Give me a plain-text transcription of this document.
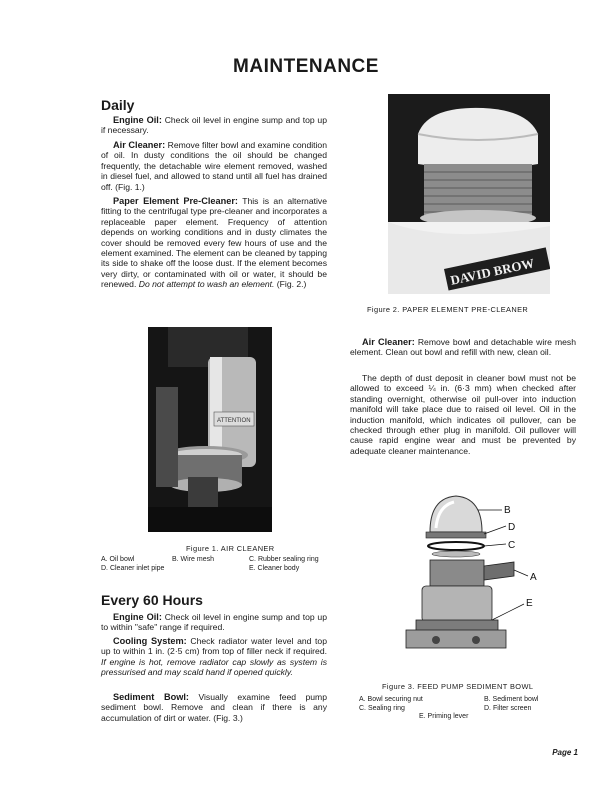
MAINTENANCE
Daily

Engine Oil: Check oil level in engine sump and top up if necessary.

Air Cleaner: Remove filter bowl and examine condition of oil. In dusty conditions the oil should be changed frequently, the detachable wire element removed, washed in diesel fuel, and allowed to stand until all fuel has drained off. (Fig. 1.)

Paper Element Pre-Cleaner: This is an alternative fitting to the centrifugal type pre-cleaner and incorporates a replaceable paper element. Frequency of attention depends on working conditions and in dusty climates the cover should be removed every few hours of use and the element examined. The element can be cleaned by tapping its side to shake off the loose dust. If the element becomes very dirty, or contaminated with oil or water, it should be renewed. Do not attempt to wash an element. (Fig. 2.)

ATTENTION

Figure 1. AIR CLEANER

A. Oil bowl	B. Wire mesh	C. Rubber sealing ring
D. Cleaner inlet pipe	E. Cleaner body
Every 60 Hours

Engine Oil: Check oil level in engine sump and top up to within "safe" range if required.

Cooling System: Check radiator water level and top up to within 1 in. (2·5 cm) from top of filler neck if required. If engine is hot, remove radiator cap slowly as system is pressurised and may scald hand if opened quickly.

Sediment Bowl: Visually examine feed pump sediment bowl. Remove and clean if there is any accumulation of dirt or water. (Fig. 3.)

DAVID BROW

Figure 2. PAPER ELEMENT PRE-CLEANER

Air Cleaner: Remove bowl and detachable wire mesh element. Clean out bowl and refill with new, clean oil.

The depth of dust deposit in cleaner bowl must not be allowed to exceed ¼ in. (6·3 mm) when checked after standing overnight, otherwise oil pull-over into induction manifold will take place due to raised oil level. Oil in the induction manifold, which indicates oil pullover, can be checked through ether plug in manifold. Oil pullover will cause rapid engine wear and must be prevented by adequate cleaner maintenance.

B
D
C
A
E

Figure 3. FEED PUMP SEDIMENT BOWL

A. Bowl securing nut	B. Sediment bowl
C. Sealing ring	D. Filter screen
E. Priming lever
Page 1
